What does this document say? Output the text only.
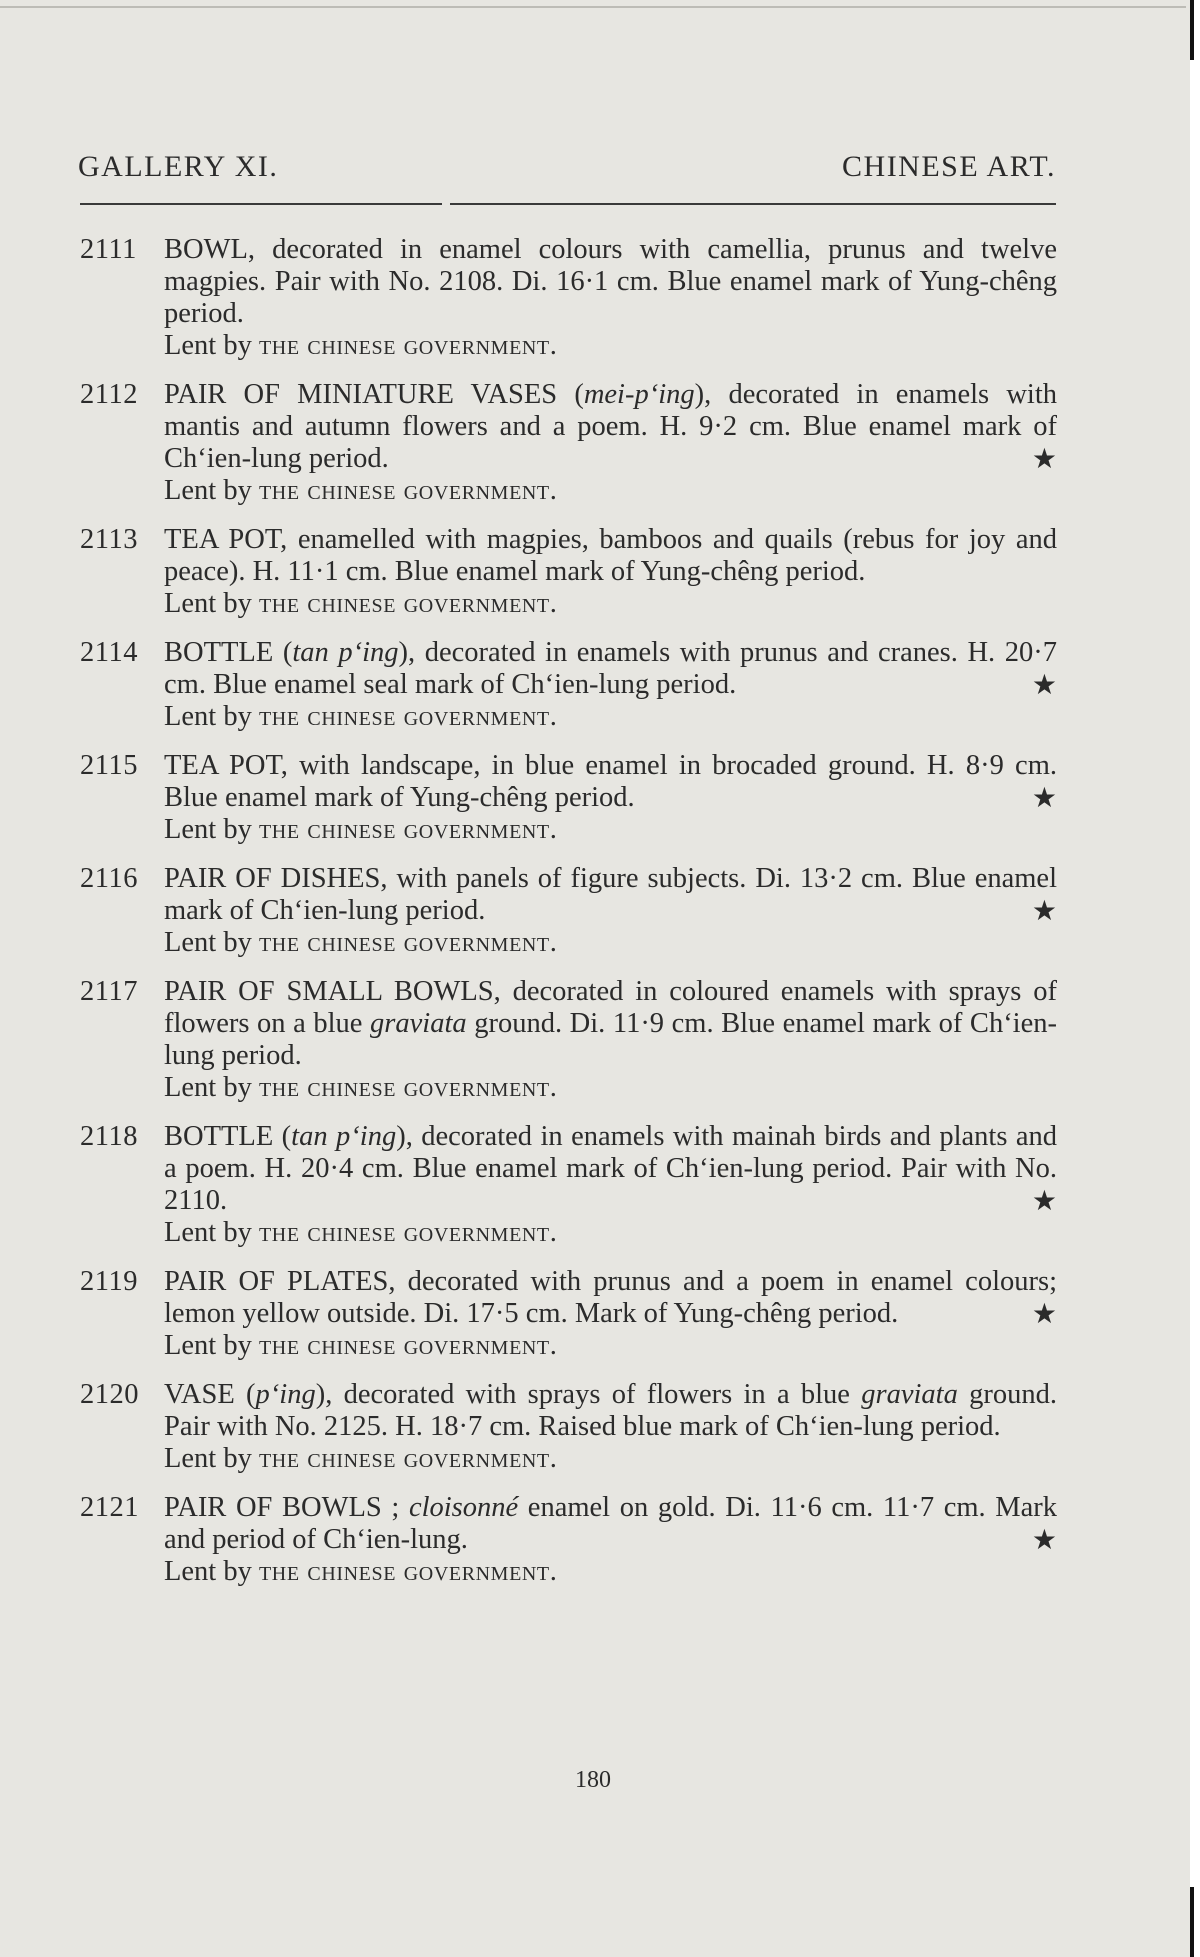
GALLERY XI.	CHINESE ART.
2111 BOWL, decorated in enamel colours with camellia, prunus and twelve magpies. Pair with No. 2108. Di. 16·1 cm. Blue enamel mark of Yung-chêng period.
Lent by the chinese government.
2112 PAIR OF MINIATURE VASES (mei-p‘ing), decorated in enamels with mantis and autumn flowers and a poem. H. 9·2 cm. Blue enamel mark of Ch‘ien-lung period.	★
Lent by the chinese government.
2113 TEA POT, enamelled with magpies, bamboos and quails (rebus for joy and peace). H. 11·1 cm. Blue enamel mark of Yung-chêng period.
Lent by the chinese government.
2114 BOTTLE (tan p‘ing), decorated in enamels with prunus and cranes. H. 20·7 cm. Blue enamel seal mark of Ch‘ien-lung period.	★
Lent by the chinese government.
2115 TEA POT, with landscape, in blue enamel in brocaded ground. H. 8·9 cm. Blue enamel mark of Yung-chêng period.	★
Lent by the chinese government.
2116 PAIR OF DISHES, with panels of figure subjects. Di. 13·2 cm. Blue enamel mark of Ch‘ien-lung period.	★
Lent by the chinese government.
2117 PAIR OF SMALL BOWLS, decorated in coloured enamels with sprays of flowers on a blue graviata ground. Di. 11·9 cm. Blue enamel mark of Ch‘ien-lung period.
Lent by the chinese government.
2118 BOTTLE (tan p‘ing), decorated in enamels with mainah birds and plants and a poem. H. 20·4 cm. Blue enamel mark of Ch‘ien-lung period. Pair with No. 2110.	★
Lent by the chinese government.
2119 PAIR OF PLATES, decorated with prunus and a poem in enamel colours; lemon yellow outside. Di. 17·5 cm. Mark of Yung-chêng period.	★
Lent by the chinese government.
2120 VASE (p‘ing), decorated with sprays of flowers in a blue graviata ground. Pair with No. 2125. H. 18·7 cm. Raised blue mark of Ch‘ien-lung period.
Lent by the chinese government.
2121 PAIR OF BOWLS ; cloisonné enamel on gold. Di. 11·6 cm. 11·7 cm. Mark and period of Ch‘ien-lung.	★
Lent by the chinese government.
180
